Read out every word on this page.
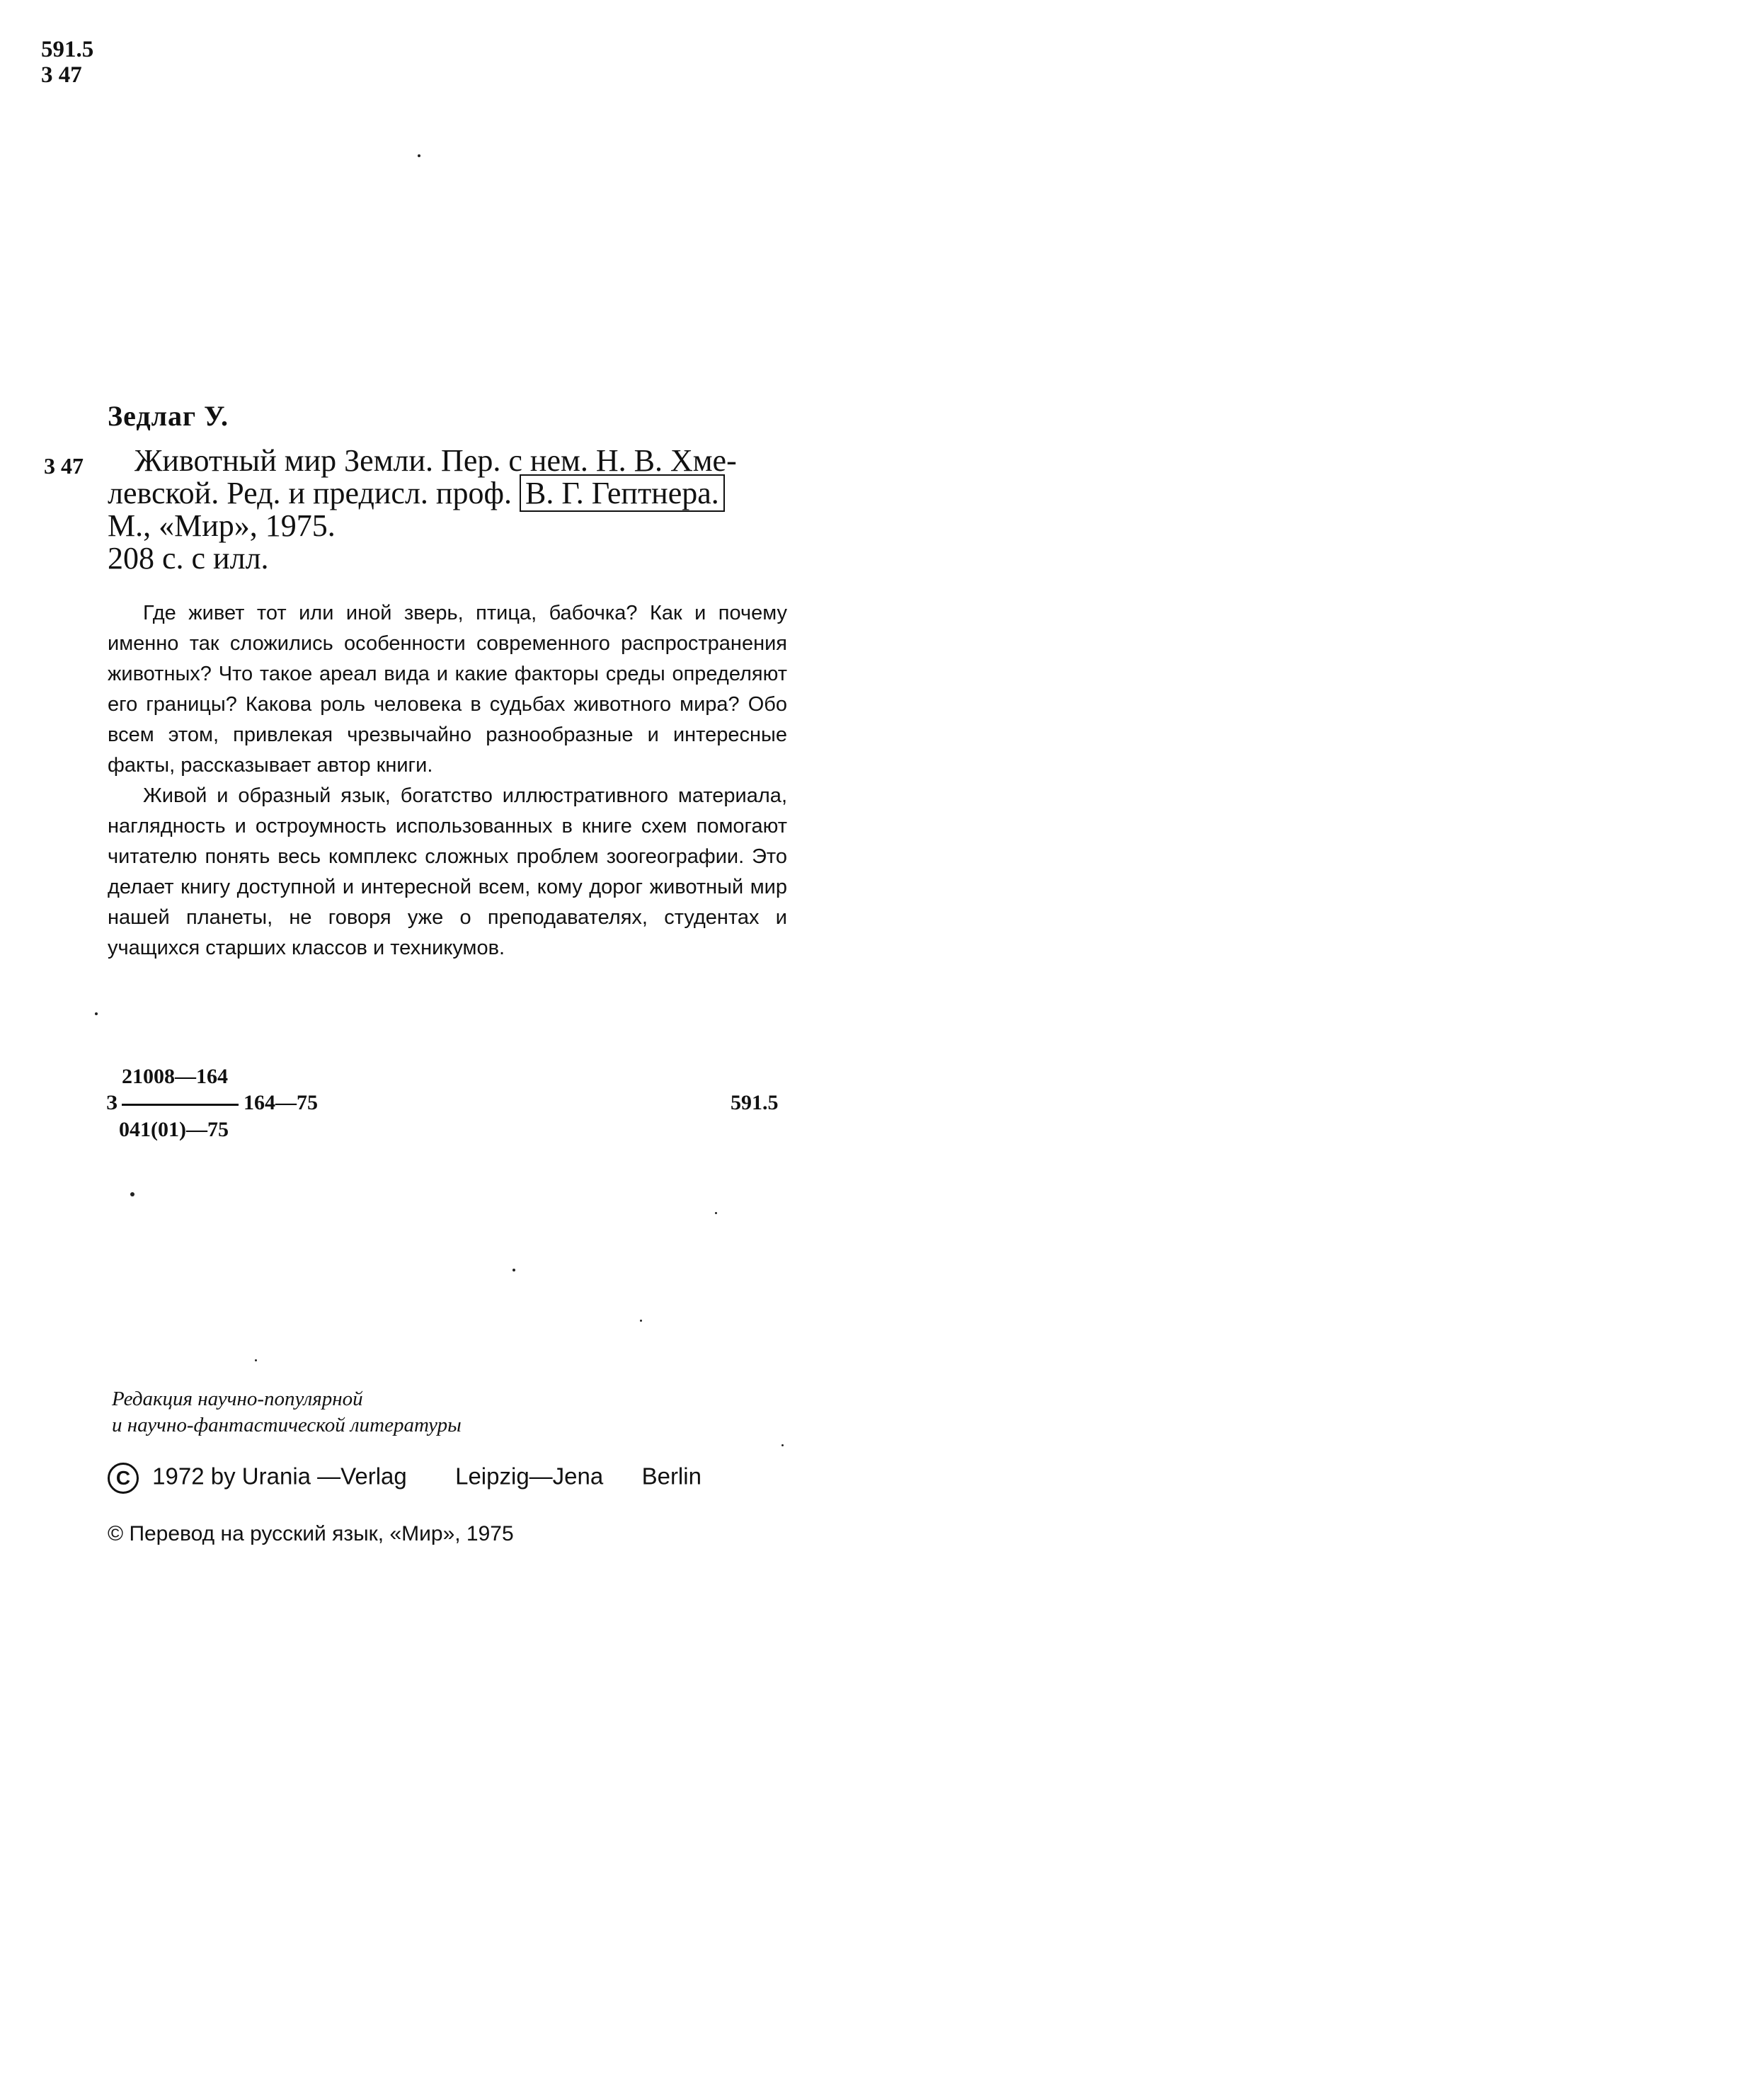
591.5
3 47
Зедлаг У.
3 47	Животный мир Земли. Пер. с нем. Н. В. Хме-
левской. Ред. и предисл. проф. В. Г. Гептнера.
М., «Мир», 1975.
208 с. с илл.

Где живет тот или иной зверь, птица, бабочка? Как и почему именно так сложились особенности современного распространения животных? Что такое ареал вида и какие факторы среды определяют его границы? Какова роль человека в судьбах животного мира? Обо всем этом, привлекая чрезвычайно разнообразные и интересные факты, рассказывает автор книги.

Живой и образный язык, богатство иллюстративного материала, наглядность и остроумность использованных в книге схем помогают читателю понять весь комплекс сложных проблем зоогеографии. Это делает книгу доступной и интересной всем, кому дорог животный мир нашей планеты, не говоря уже о преподавателях, студентах и учащихся старших классов и техникумов.

21008—164
З	164—75
041(01)—75
591.5
Редакция научно-популярной
и научно-фантастической литературы
C 1972 by Urania —Verlag Leipzig—Jena Berlin
© Перевод на русский язык, «Мир», 1975
